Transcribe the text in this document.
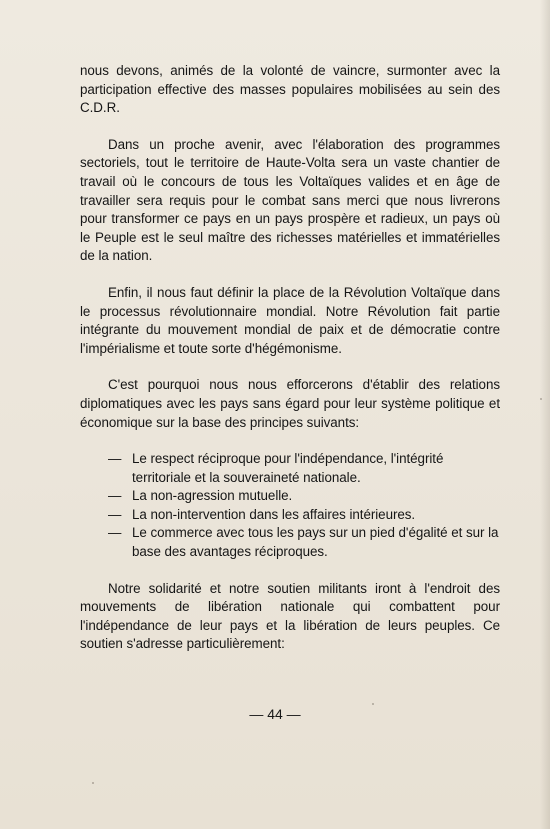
nous devons, animés de la volonté de vaincre, surmonter avec la participation effective des masses populaires mobilisées au sein des C.D.R.

Dans un proche avenir, avec l'élaboration des programmes sectoriels, tout le territoire de Haute-Volta sera un vaste chantier de travail où le concours de tous les Voltaïques valides et en âge de travailler sera requis pour le combat sans merci que nous livrerons pour transformer ce pays en un pays prospère et radieux, un pays où le Peuple est le seul maître des richesses matérielles et immatérielles de la nation.

Enfin, il nous faut définir la place de la Révolution Voltaïque dans le processus révolutionnaire mondial. Notre Révolution fait partie intégrante du mouvement mondial de paix et de démocratie contre l'impérialisme et toute sorte d'hégémonisme.

C'est pourquoi nous nous efforcerons d'établir des relations diplomatiques avec les pays sans égard pour leur système politique et économique sur la base des principes suivants:

— Le respect réciproque pour l'indépendance, l'intégrité territoriale et la souveraineté nationale.
— La non-agression mutuelle.
— La non-intervention dans les affaires intérieures.
— Le commerce avec tous les pays sur un pied d'égalité et sur la base des avantages réciproques.

Notre solidarité et notre soutien militants iront à l'endroit des mouvements de libération nationale qui combattent pour l'indépendance de leur pays et la libération de leurs peuples. Ce soutien s'adresse particulièrement:

— 44 —
